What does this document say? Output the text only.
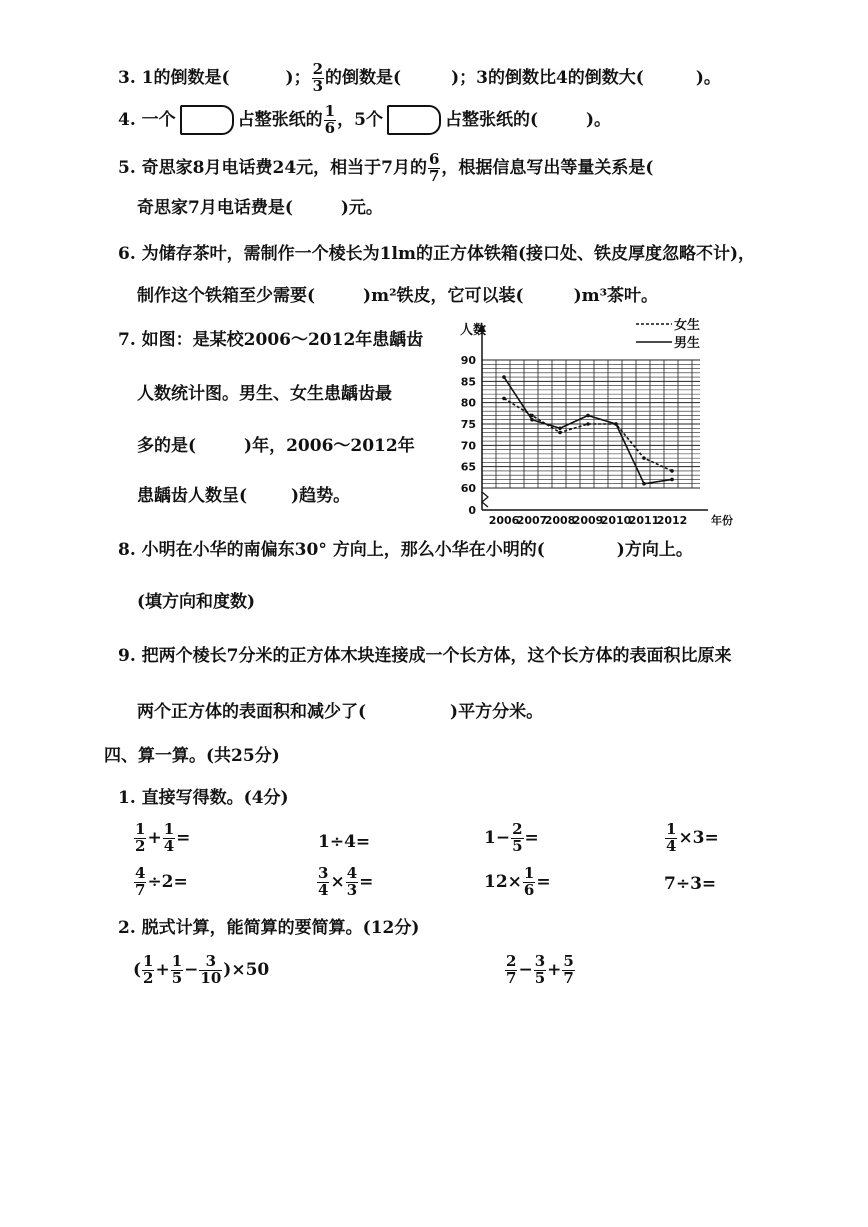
3. 1的倒数是(	)； $\frac{2}{3}$ 的倒数是(	)；3的倒数比4的倒数大(	)。
4. 一个	占整张纸的 $\frac{1}{6}$ ，5个	占整张纸的(	)。
5. 奇思家8月电话费24元，相当于7月的 $\frac{6}{7}$ ，根据信息写出等量关系是(
奇思家7月电话费是(	)元。
6. 为储存茶叶，需制作一个棱长为1lm的正方体铁箱(接口处、铁皮厚度忽略不计)，
制作这个铁箱至少需要(	)m²铁皮，它可以装(	)m³茶叶。
7. 如图：是某校2006～2012年患龋齿
人数统计图。男生、女生患龋齿最
多的是(	)年，2006～2012年
患龋齿人数呈(	)趋势。
0
60
65
70
75
80
85
90
人数
2006
2007
2008
2009
2010
2011
2012 年份
女生
男生
8. 小明在小华的南偏东30° 方向上，那么小华在小明的(	)方向上。
(填方向和度数)
9. 把两个棱长7分米的正方体木块连接成一个长方体，这个长方体的表面积比原来
两个正方体的表面积和减少了(	)平方分米。
四、算一算。(共25分)
1. 直接写得数。(4分)
$\frac{1}{2} + \frac{1}{4}$ =	1÷4=	$1- \frac{2}{5}$ =	$\frac{1}{4} \times 3=$
$\frac{4}{7} \div 2=$	$\frac{3}{4} \times \frac{4}{3}$ =	$12\times \frac{1}{6}$ =	7÷3=
2. 脱式计算，能简算的要简算。(12分)
( $\frac{1}{2} + \frac{1}{5} - \frac{3}{10} )\times 50$	$\frac{2}{7} - \frac{3}{5} + \frac{5}{7}$
